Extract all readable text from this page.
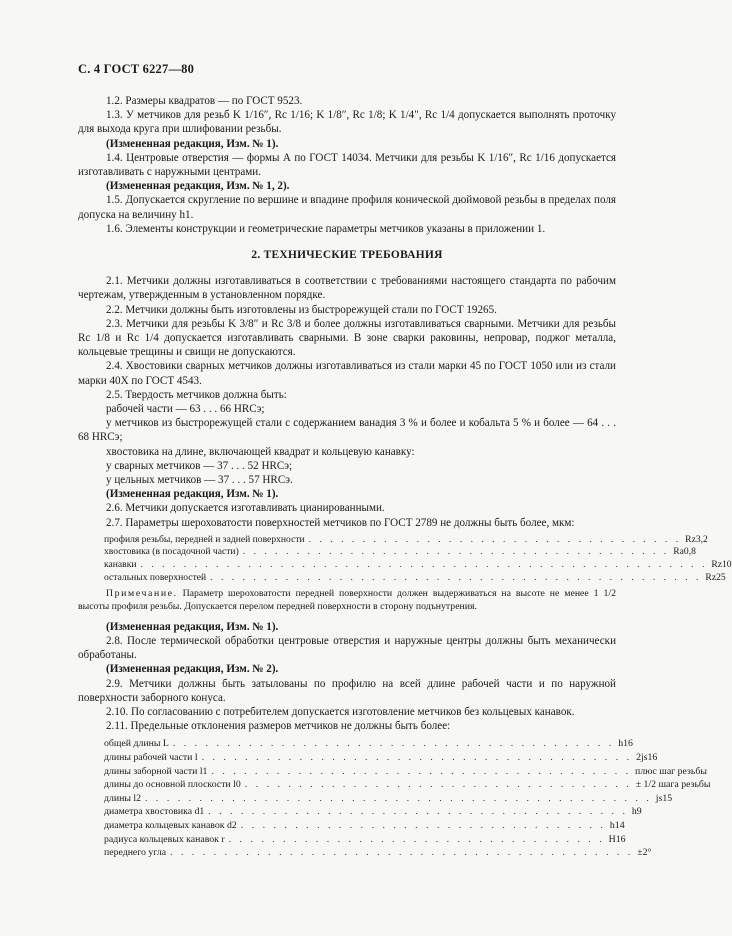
С. 4 ГОСТ 6227—80

1.2. Размеры квадратов — по ГОСТ 9523.

1.3. У метчиков для резьб K 1/16″, Rc 1/16; K 1/8″, Rc 1/8; K 1/4″, Rc 1/4 допускается выполнять проточку для выхода круга при шлифовании резьбы.

(Измененная редакция, Изм. № 1).

1.4. Центровые отверстия — формы А по ГОСТ 14034. Метчики для резьбы K 1/16″, Rc 1/16 допускается изготавливать с наружными центрами.

(Измененная редакция, Изм. № 1, 2).

1.5. Допускается скругление по вершине и впадине профиля конической дюймовой резьбы в пределах поля допуска на величину h1.

1.6. Элементы конструкции и геометрические параметры метчиков указаны в приложении 1.

2. ТЕХНИЧЕСКИЕ ТРЕБОВАНИЯ

2.1. Метчики должны изготавливаться в соответствии с требованиями настоящего стандарта по рабочим чертежам, утвержденным в установленном порядке.

2.2. Метчики должны быть изготовлены из быстрорежущей стали по ГОСТ 19265.

2.3. Метчики для резьбы K 3/8″ и Rc 3/8 и более должны изготавливаться сварными. Метчики для резьбы Rc 1/8 и Rc 1/4 допускается изготавливать сварными. В зоне сварки раковины, непровар, поджог металла, кольцевые трещины и свищи не допускаются.

2.4. Хвостовики сварных метчиков должны изготавливаться из стали марки 45 по ГОСТ 1050 или из стали марки 40Х по ГОСТ 4543.

2.5. Твердость метчиков должна быть:

рабочей части — 63 . . . 66 HRCэ;

у метчиков из быстрорежущей стали с содержанием ванадия 3 % и более и кобальта 5 % и более — 64 . . . 68 HRCэ;

хвостовика на длине, включающей квадрат и кольцевую канавку:

у сварных метчиков — 37 . . . 52 HRCэ;

у цельных метчиков — 37 . . . 57 HRCэ.

(Измененная редакция, Изм. № 1).

2.6. Метчики допускается изготавливать цианированными.

2.7. Параметры шероховатости поверхностей метчиков по ГОСТ 2789 не должны быть более, мкм:

профиля резьбы, передней и задней поверхности . . . . . . . . . . . . . . . . . . . . . . . . . . . . . . . . . . . Rz3,2
хвостовика (в посадочной части) . . . . . . . . . . . . . . . . . . . . . . . . . . . . . . . . . . . . . . . . Ra0,8
канавки . . . . . . . . . . . . . . . . . . . . . . . . . . . . . . . . . . . . . . . . . . . . . . . . . . . . . Rz10
остальных поверхностей . . . . . . . . . . . . . . . . . . . . . . . . . . . . . . . . . . . . . . . . . . . . . . Rz25

Примечание. Параметр шероховатости передней поверхности должен выдерживаться на высоте не менее 1 1/2 высоты профиля резьбы. Допускается перелом передней поверхности в сторону подънутрения.

(Измененная редакция, Изм. № 1).

2.8. После термической обработки центровые отверстия и наружные центры должны быть механически обработаны.

(Измененная редакция, Изм. № 2).

2.9. Метчики должны быть затылованы по профилю на всей длине рабочей части и по наружной поверхности заборного конуса.

2.10. По согласованию с потребителем допускается изготовление метчиков без кольцевых канавок.

2.11. Предельные отклонения размеров метчиков не должны быть более:

общей длины L . . . . . . . . . . . . . . . . . . . . . . . . . . . . . . . . . . . . . . . . . h16
длины рабочей части l . . . . . . . . . . . . . . . . . . . . . . . . . . . . . . . . . . . . . . . . 2js16
длины заборной части l1 . . . . . . . . . . . . . . . . . . . . . . . . . . . . . . . . . . . . . . . плюс шаг резьбы
длины до основной плоскости l0 . . . . . . . . . . . . . . . . . . . . . . . . . . . . . . . . . . . . ± 1/2 шага резьбы
длины l2 . . . . . . . . . . . . . . . . . . . . . . . . . . . . . . . . . . . . . . . . . . . . . . . js15
диаметра хвостовика d1 . . . . . . . . . . . . . . . . . . . . . . . . . . . . . . . . . . . . . . . h9
диаметра кольцевых канавок d2 . . . . . . . . . . . . . . . . . . . . . . . . . . . . . . . . . . h14
радиуса кольцевых канавок r . . . . . . . . . . . . . . . . . . . . . . . . . . . . . . . . . . . H16
переднего угла . . . . . . . . . . . . . . . . . . . . . . . . . . . . . . . . . . . . . . . . . . . ±2°
